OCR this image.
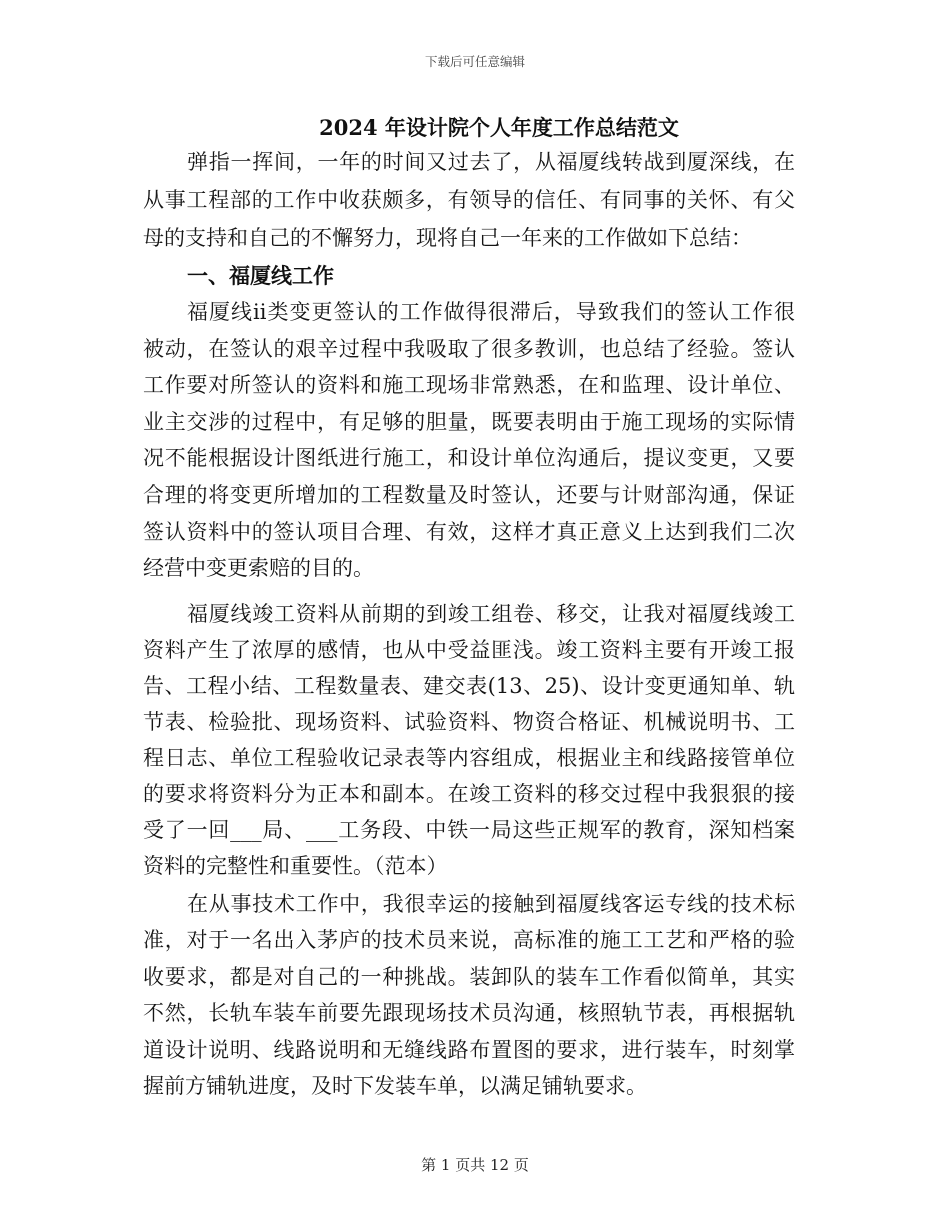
下载后可任意编辑
2024 年设计院个人年度工作总结范文
弹指一挥间，一年的时间又过去了，从福厦线转战到厦深线，在
从事工程部的工作中收获颇多，有领导的信任、有同事的关怀、有父
母的支持和自己的不懈努力，现将自己一年来的工作做如下总结：
一、福厦线工作
福厦线ii类变更签认的工作做得很滞后，导致我们的签认工作很
被动，在签认的艰辛过程中我吸取了很多教训，也总结了经验。签认
工作要对所签认的资料和施工现场非常熟悉，在和监理、设计单位、
业主交涉的过程中，有足够的胆量，既要表明由于施工现场的实际情
况不能根据设计图纸进行施工，和设计单位沟通后，提议变更，又要
合理的将变更所增加的工程数量及时签认，还要与计财部沟通，保证
签认资料中的签认项目合理、有效，这样才真正意义上达到我们二次
经营中变更索赔的目的。
福厦线竣工资料从前期的到竣工组卷、移交，让我对福厦线竣工
资料产生了浓厚的感情，也从中受益匪浅。竣工资料主要有开竣工报
告、工程小结、工程数量表、建交表(13、25)、设计变更通知单、轨
节表、检验批、现场资料、试验资料、物资合格证、机械说明书、工
程日志、单位工程验收记录表等内容组成，根据业主和线路接管单位
的要求将资料分为正本和副本。在竣工资料的移交过程中我狠狠的接
受了一回___局、___工务段、中铁一局这些正规军的教育，深知档案
资料的完整性和重要性。（范本）
在从事技术工作中，我很幸运的接触到福厦线客运专线的技术标
准，对于一名出入茅庐的技术员来说，高标准的施工工艺和严格的验
收要求，都是对自己的一种挑战。装卸队的装车工作看似简单，其实
不然，长轨车装车前要先跟现场技术员沟通，核照轨节表，再根据轨
道设计说明、线路说明和无缝线路布置图的要求，进行装车，时刻掌
握前方铺轨进度，及时下发装车单，以满足铺轨要求。
第 1 页共 12 页
